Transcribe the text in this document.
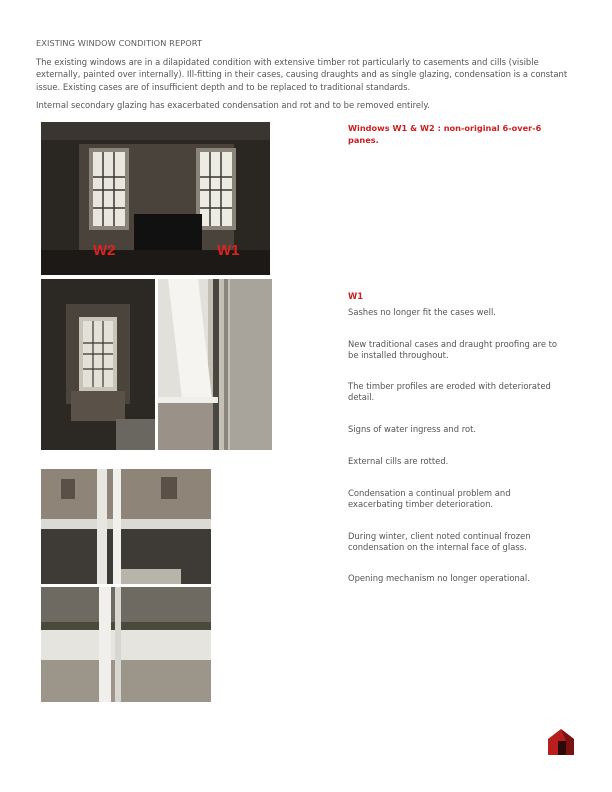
EXISTING WINDOW CONDITION REPORT

The existing windows are in a dilapidated condition with extensive timber rot particularly to casements and cills (visible externally, painted over internally). Ill-fitting in their cases, causing draughts and as single glazing, condensation is a constant issue. Existing cases are of insufficient depth and to be replaced to traditional standards.

Internal secondary glazing has exacerbated condensation and rot and to be removed entirely.

W2	W1
Windows W1 & W2 : non-original 6-over-6 panes.
W1
Sashes no longer fit the cases well.
New traditional cases and draught proofing are to be installed throughout.
The timber profiles are eroded with deteriorated detail.
Signs of water ingress and rot.
External cills are rotted.
Condensation a continual problem and exacerbating timber deterioration.
During winter, client noted continual frozen condensation on the internal face of glass.
Opening mechanism no longer operational.
